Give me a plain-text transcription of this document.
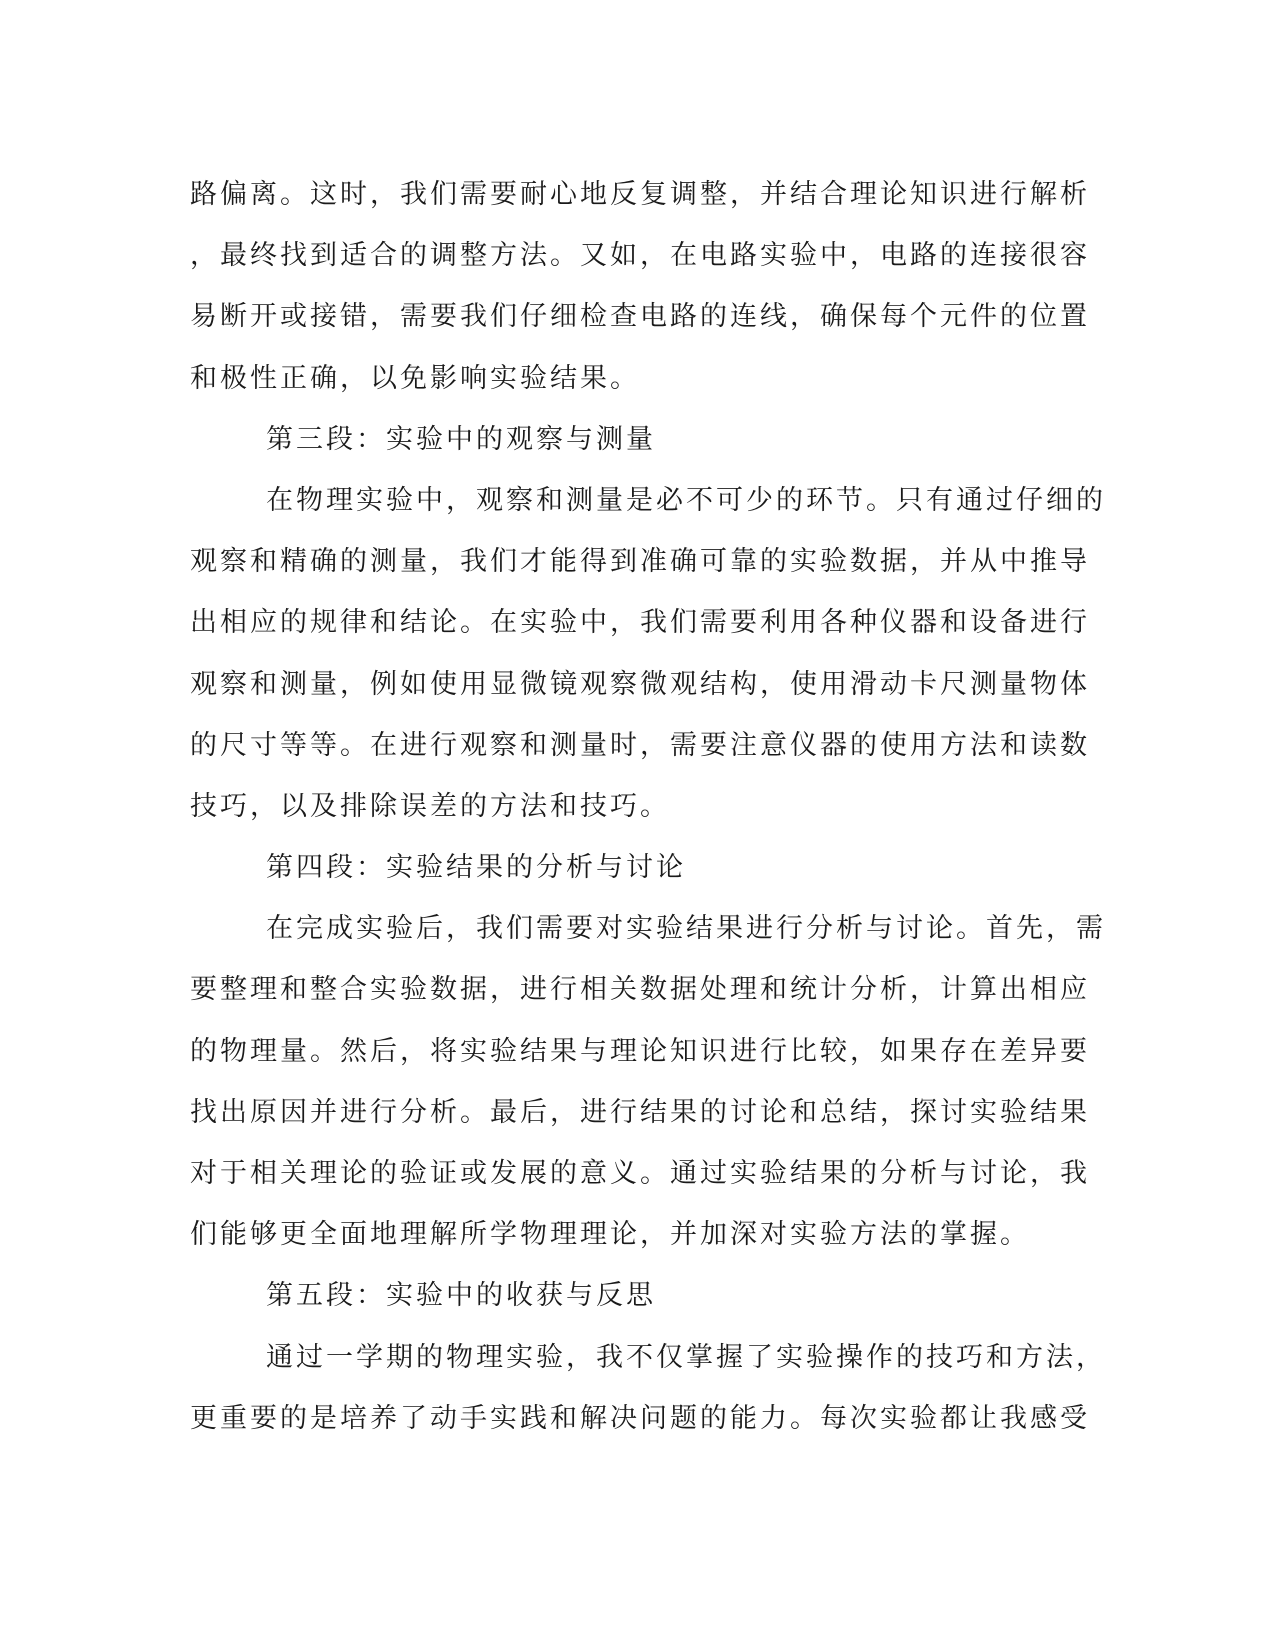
路偏离。这时，我们需要耐心地反复调整，并结合理论知识进行解析
，最终找到适合的调整方法。又如，在电路实验中，电路的连接很容
易断开或接错，需要我们仔细检查电路的连线，确保每个元件的位置
和极性正确，以免影响实验结果。
第三段：实验中的观察与测量
在物理实验中，观察和测量是必不可少的环节。只有通过仔细的
观察和精确的测量，我们才能得到准确可靠的实验数据，并从中推导
出相应的规律和结论。在实验中，我们需要利用各种仪器和设备进行
观察和测量，例如使用显微镜观察微观结构，使用滑动卡尺测量物体
的尺寸等等。在进行观察和测量时，需要注意仪器的使用方法和读数
技巧，以及排除误差的方法和技巧。
第四段：实验结果的分析与讨论
在完成实验后，我们需要对实验结果进行分析与讨论。首先，需
要整理和整合实验数据，进行相关数据处理和统计分析，计算出相应
的物理量。然后，将实验结果与理论知识进行比较，如果存在差异要
找出原因并进行分析。最后，进行结果的讨论和总结，探讨实验结果
对于相关理论的验证或发展的意义。通过实验结果的分析与讨论，我
们能够更全面地理解所学物理理论，并加深对实验方法的掌握。
第五段：实验中的收获与反思
通过一学期的物理实验，我不仅掌握了实验操作的技巧和方法，
更重要的是培养了动手实践和解决问题的能力。每次实验都让我感受
